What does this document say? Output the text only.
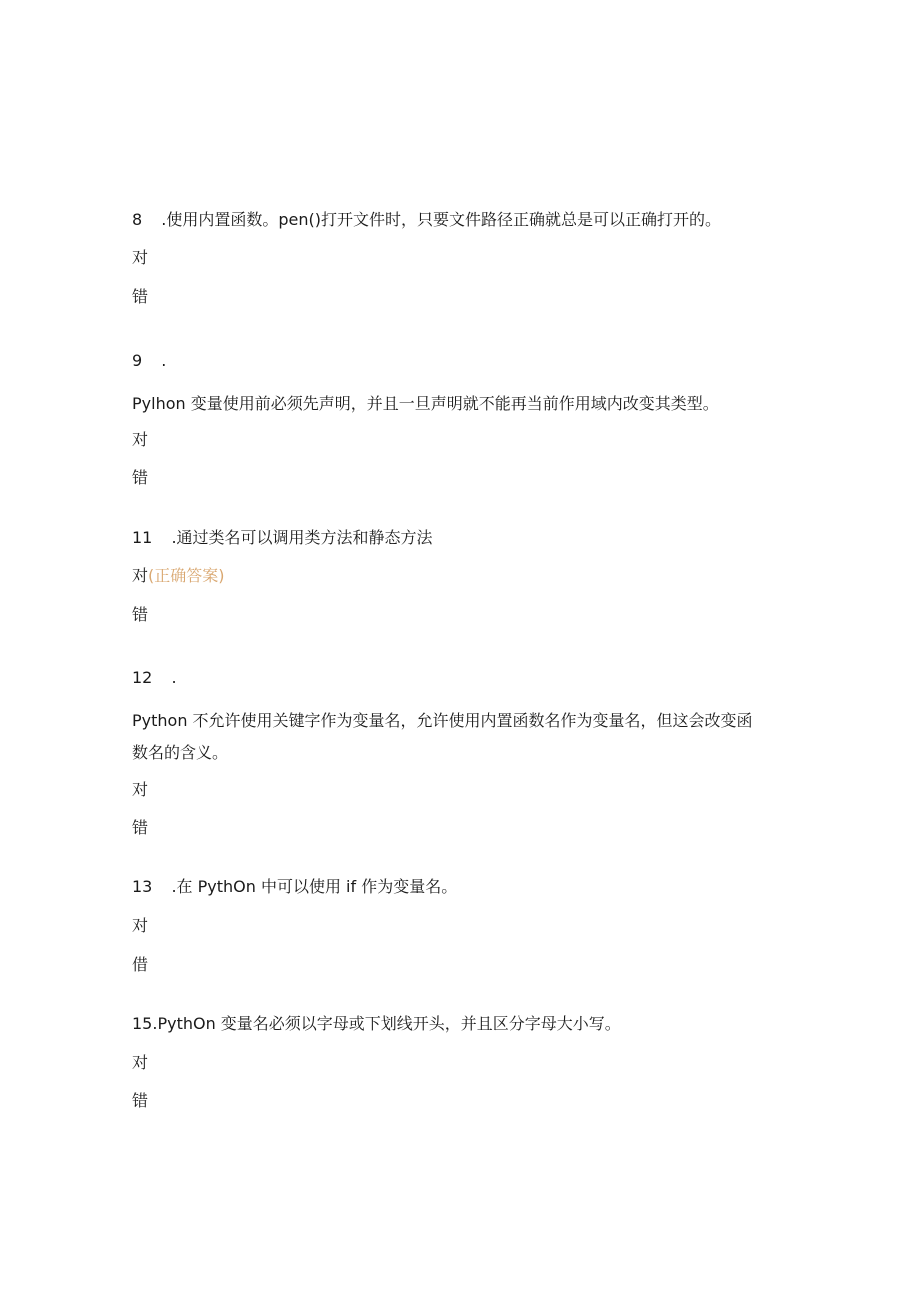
8 .使用内置函数。pen()打开文件时，只要文件路径正确就总是可以正确打开的。

对

错

9 .

Pylhon 变量使用前必须先声明，并且一旦声明就不能再当前作用域内改变其类型。

对

错

11 .通过类名可以调用类方法和静态方法

对(正确答案)

错

12 .

Python 不允许使用关键字作为变量名，允许使用内置函数名作为变量名，但这会改变函

数名的含义。

对

错

13 .在 PythOn 中可以使用 if 作为变量名。

对

借

15.PythOn 变量名必须以字母或下划线开头，并且区分字母大小写。

对

错
